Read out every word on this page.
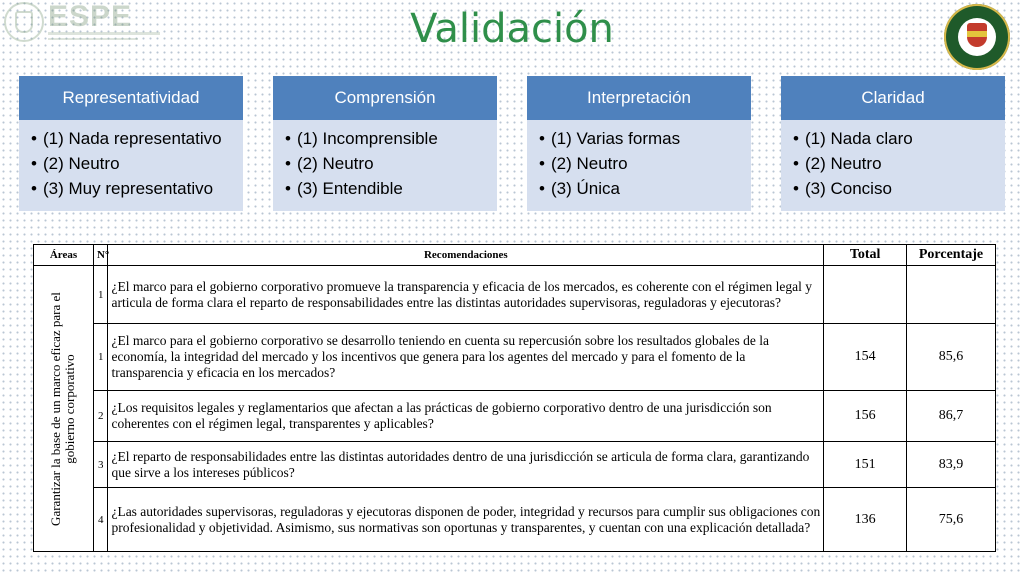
ESPE	Validación
Representatividad
• (1) Nada representativo
• (2) Neutro
• (3) Muy representativo
Comprensión
• (1) Incomprensible
• (2) Neutro
• (3) Entendible
Interpretación
• (1) Varias formas
• (2) Neutro
• (3) Única
Claridad
• (1) Nada claro
• (2) Neutro
• (3) Conciso
Áreas	N°	Recomendaciones	Total	Porcentaje

Garantizar la base de un marco eficaz para el gobierno corporativo	1	¿El marco para el gobierno corporativo promueve la transparencia y eficacia de los mercados, es coherente con el régimen legal y articula de forma clara el reparto de responsabilidades entre las distintas autoridades supervisoras, reguladoras y ejecutoras?		
	1	¿El marco para el gobierno corporativo se desarrollo teniendo en cuenta su repercusión sobre los resultados globales de la economía, la integridad del mercado y los incentivos que genera para los agentes del mercado y para el fomento de la transparencia y eficacia en los mercados?	154	85,6
	2	¿Los requisitos legales y reglamentarios que afectan a las prácticas de gobierno corporativo dentro de una jurisdicción son coherentes con el régimen legal, transparentes y aplicables?	156	86,7
	3	¿El reparto de responsabilidades entre las distintas autoridades dentro de una jurisdicción se articula de forma clara, garantizando que sirve a los intereses públicos?	151	83,9
	4	¿Las autoridades supervisoras, reguladoras y ejecutoras disponen de poder, integridad y recursos para cumplir sus obligaciones con profesionalidad y objetividad. Asimismo, sus normativas son oportunas y transparentes, y cuentan con una explicación detallada?	136	75,6
